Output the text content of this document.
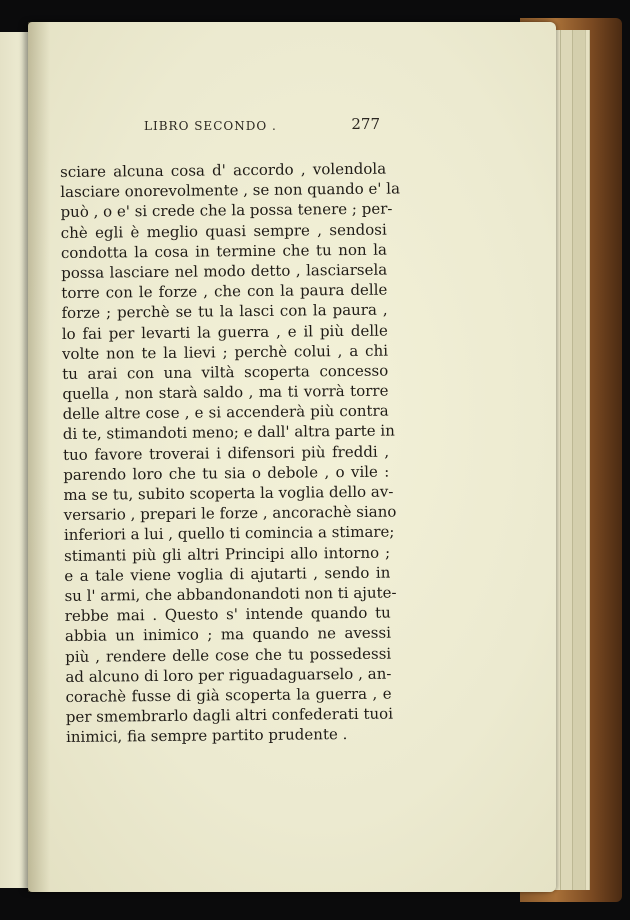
LIBRO SECONDO .	277
sciare alcuna cosa d' accordo , volendola
lasciare onorevolmente , se non quando e' la
può , o e' si crede che la possa tenere ; per-
chè egli è meglio quasi sempre , sendosi
condotta la cosa in termine che tu non la
possa lasciare nel modo detto , lasciarsela
torre con le forze , che con la paura delle
forze ; perchè se tu la lasci con la paura ,
lo fai per levarti la guerra , e il più delle
volte non te la lievi ; perchè colui , a chi
tu arai con una viltà scoperta concesso
quella , non starà saldo , ma ti vorrà torre
delle altre cose , e si accenderà più contra
di te, stimandoti meno; e dall' altra parte in
tuo favore troverai i difensori più freddi ,
parendo loro che tu sia o debole , o vile :
ma se tu, subito scoperta la voglia dello av-
versario , prepari le forze , ancorachè siano
inferiori a lui , quello ti comincia a stimare;
stimanti più gli altri Principi allo intorno ;
e a tale viene voglia di ajutarti , sendo in
su l' armi, che abbandonandoti non ti ajute-
rebbe mai . Questo s' intende quando tu
abbia un inimico ; ma quando ne avessi
più , rendere delle cose che tu possedessi
ad alcuno di loro per riguadaguarselo , an-
corachè fusse di già scoperta la guerra , e
per smembrarlo dagli altri confederati tuoi
inimici, fia sempre partito prudente .
